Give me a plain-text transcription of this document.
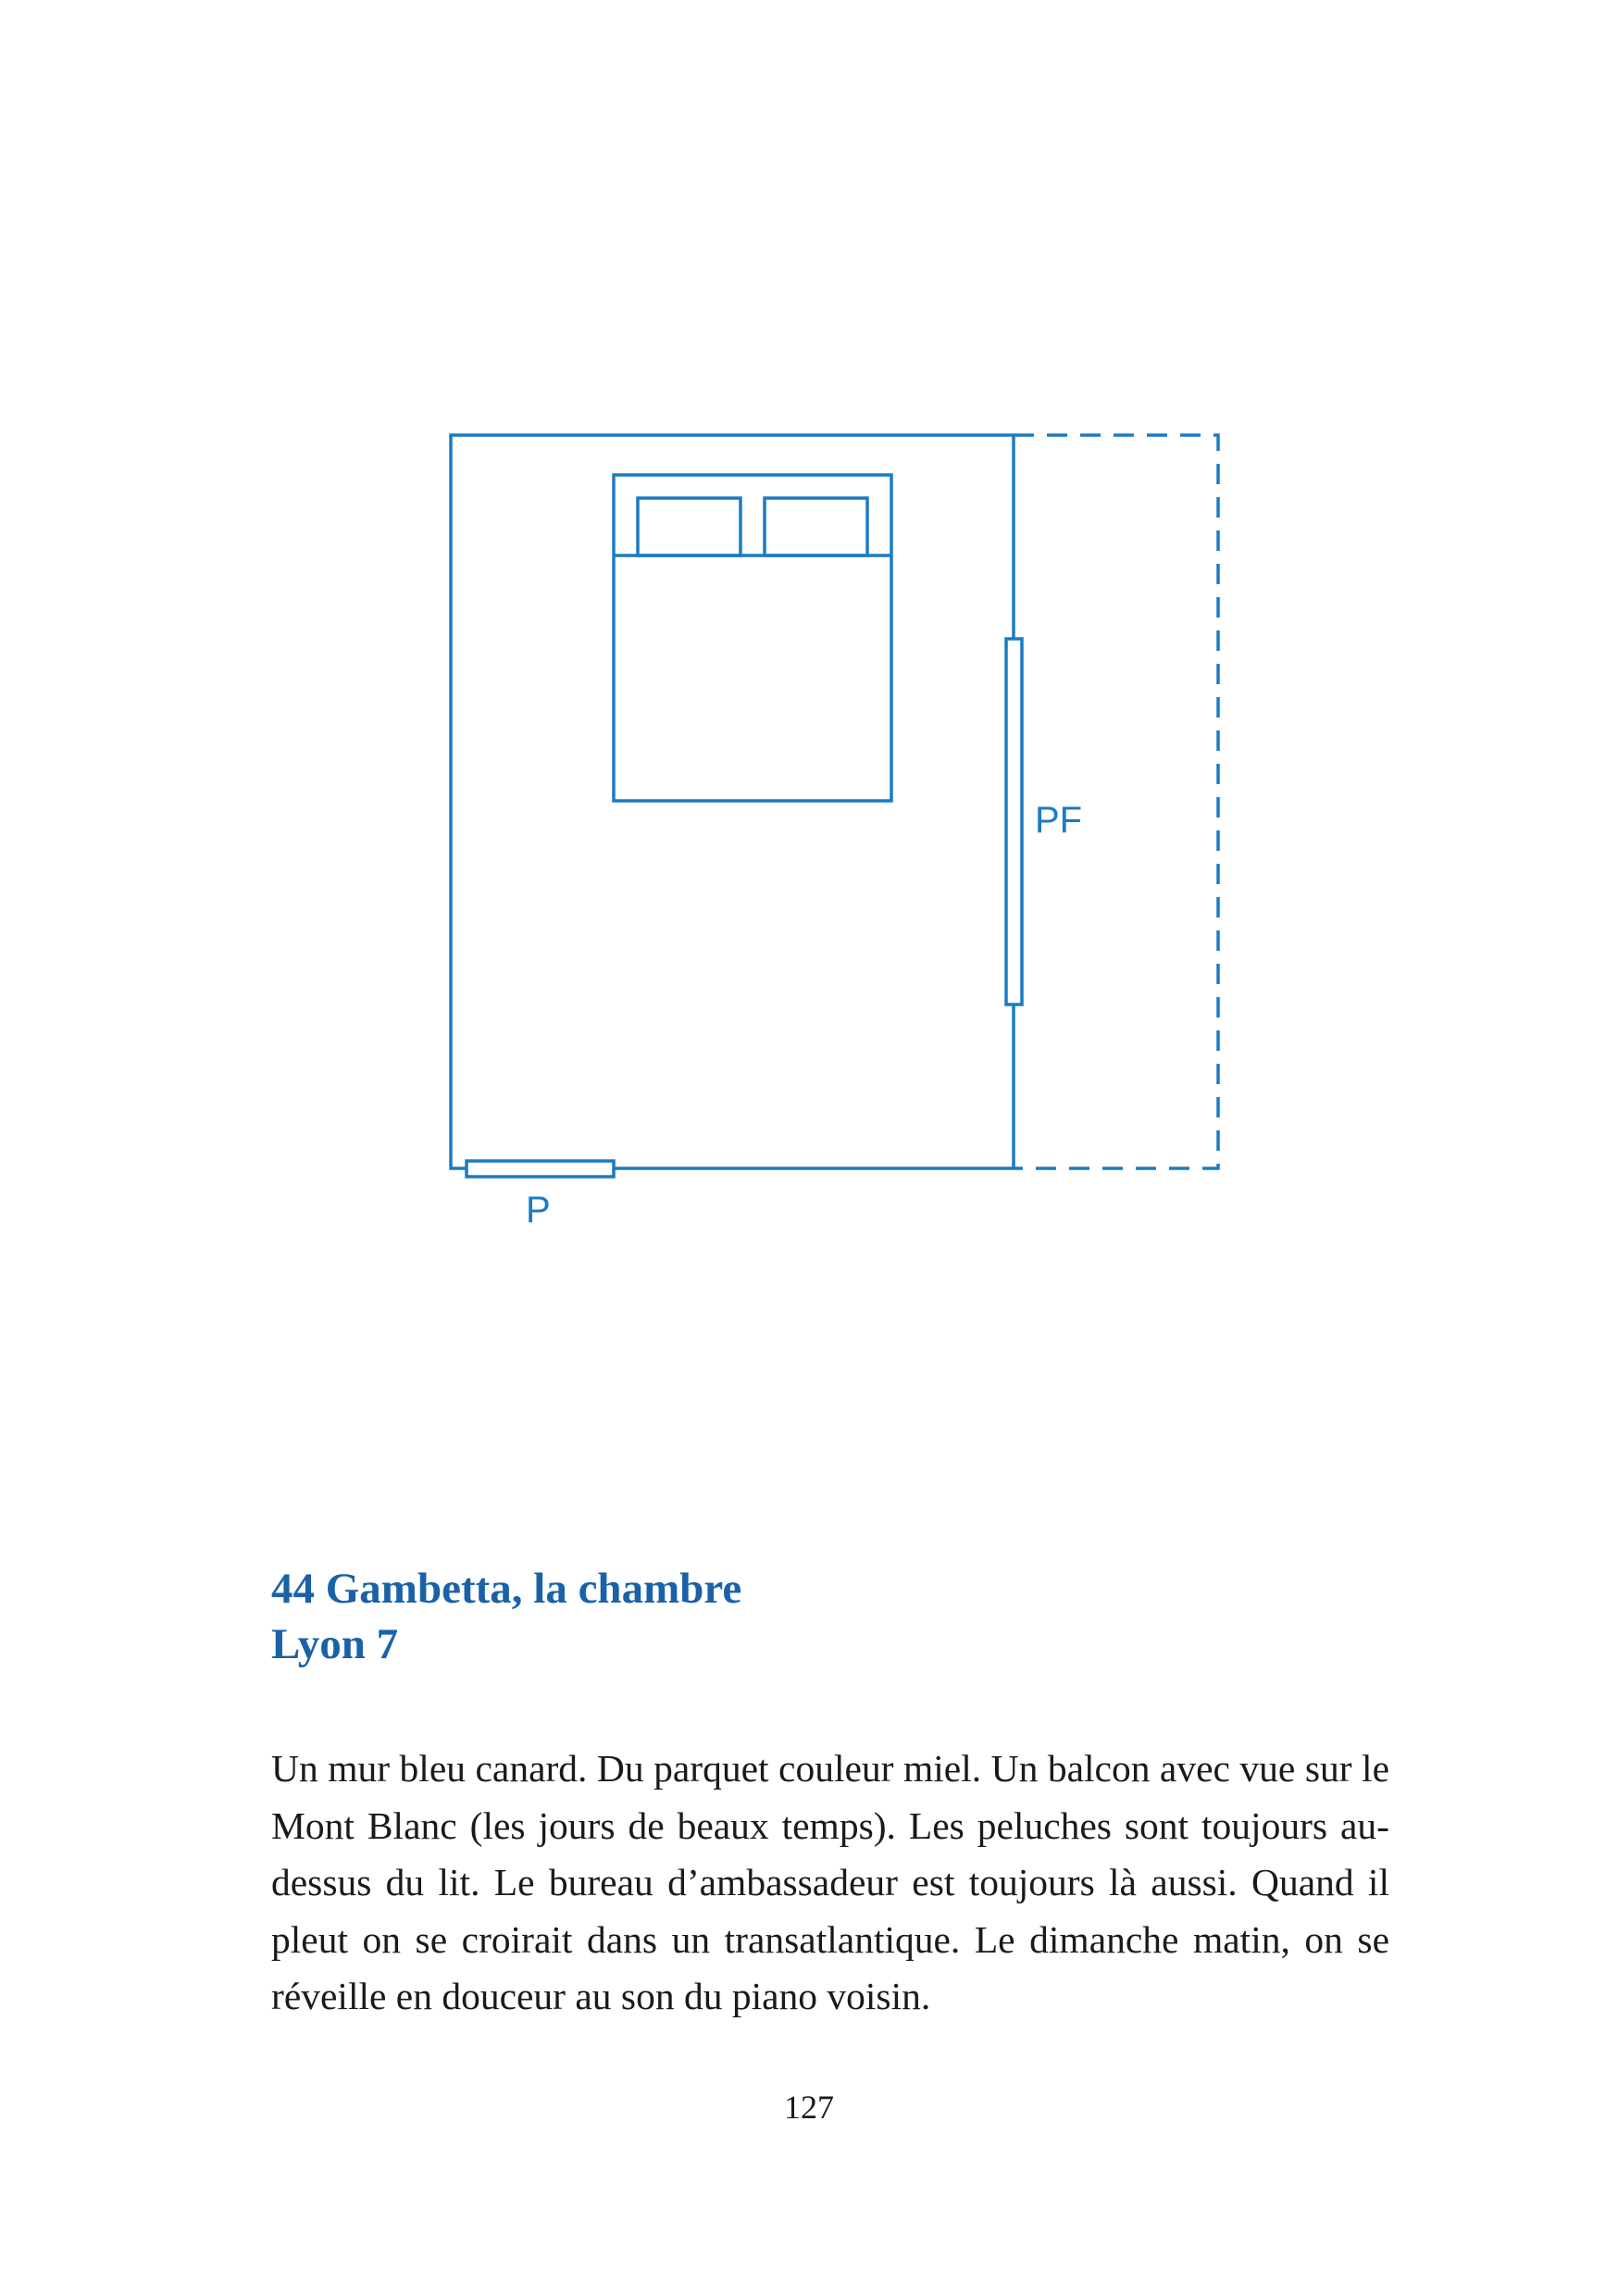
PF
P
44 Gambetta, la chambre
Lyon 7

Un mur bleu canard. Du parquet couleur miel. Un balcon avec vue sur le Mont Blanc (les jours de beaux temps). Les peluches sont toujours au-dessus du lit. Le bureau d’ambassadeur est toujours là aussi. Quand il pleut on se croirait dans un transatlantique. Le dimanche matin, on se réveille en douceur au son du piano voisin.

127
